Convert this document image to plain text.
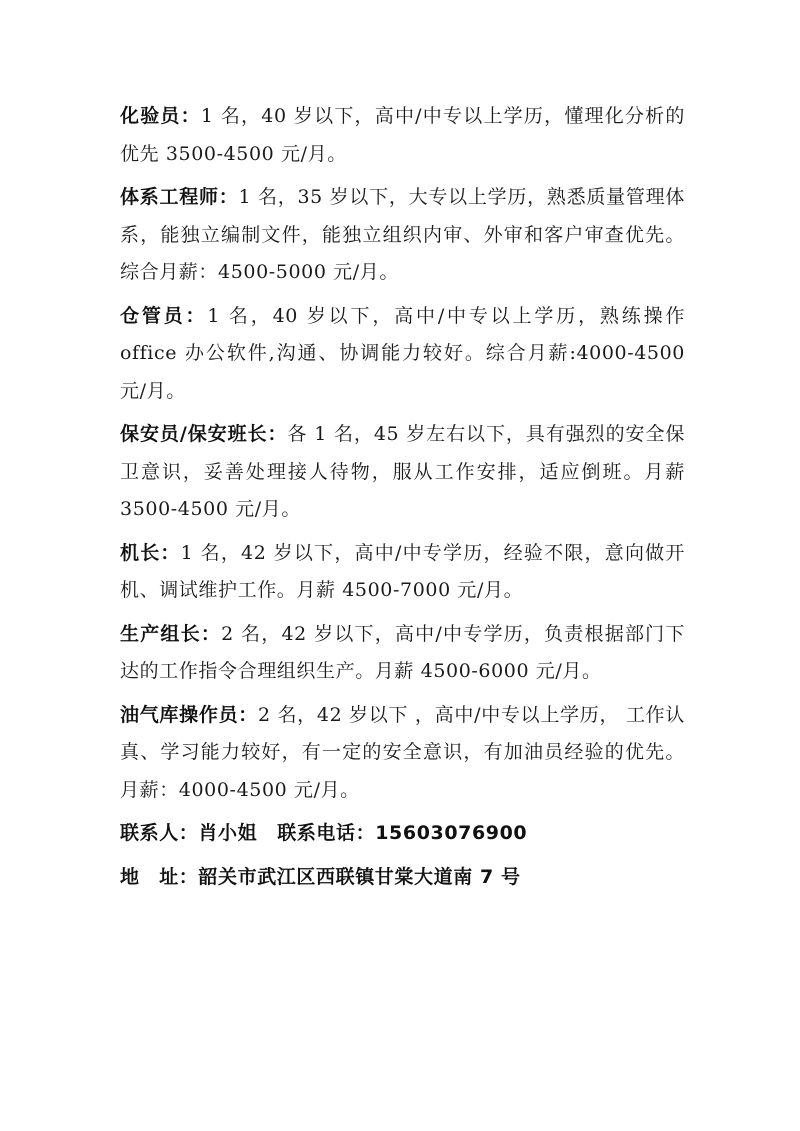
化验员：1 名，40 岁以下，高中/中专以上学历，懂理化分析的优先 3500-4500 元/月。

体系工程师：1 名，35 岁以下，大专以上学历，熟悉质量管理体系，能独立编制文件，能独立组织内审、外审和客户审查优先。综合月薪：4500-5000 元/月。

仓管员：1 名，40 岁以下，高中/中专以上学历，熟练操作office 办公软件,沟通、协调能力较好。综合月薪:4000-4500 元/月。

保安员/保安班长：各 1 名，45 岁左右以下，具有强烈的安全保卫意识，妥善处理接人待物，服从工作安排，适应倒班。月薪 3500-4500 元/月。

机长：1 名，42 岁以下，高中/中专学历，经验不限，意向做开机、调试维护工作。月薪 4500-7000 元/月。

生产组长：2 名，42 岁以下，高中/中专学历，负责根据部门下达的工作指令合理组织生产。月薪 4500-6000 元/月。

油气库操作员：2 名，42 岁以下 ，高中/中专以上学历， 工作认真、学习能力较好，有一定的安全意识，有加油员经验的优先。月薪：4000-4500 元/月。

联系人：肖小姐 联系电话：15603076900

地　址：韶关市武江区西联镇甘棠大道南 7 号
